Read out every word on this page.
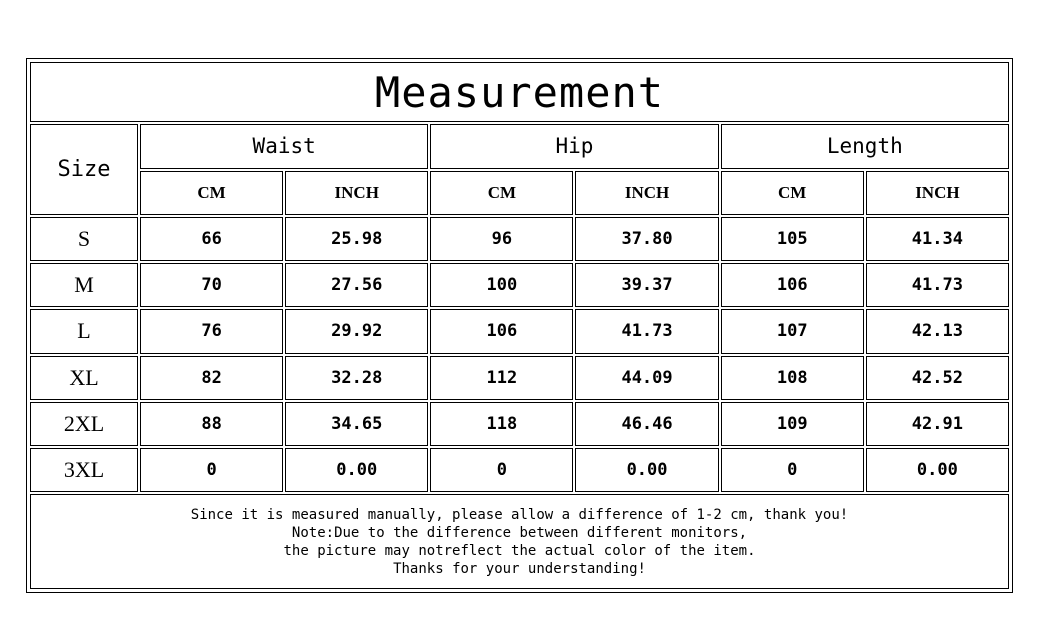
Measurement						
Size	Waist		Hip		Length	
	CM	INCH	CM	INCH	CM	INCH
S	66	25.98	96	37.80	105	41.34
M	70	27.56	100	39.37	106	41.73
L	76	29.92	106	41.73	107	42.13
XL	82	32.28	112	44.09	108	42.52
2XL	88	34.65	118	46.46	109	42.91
3XL	0	0.00	0	0.00	0	0.00

Since it is measured manually, please allow a difference of 1-2 cm, thank you!
Note:Due to the difference between different monitors,
the picture may notreflect the actual color of the item.
Thanks for your understanding!						
